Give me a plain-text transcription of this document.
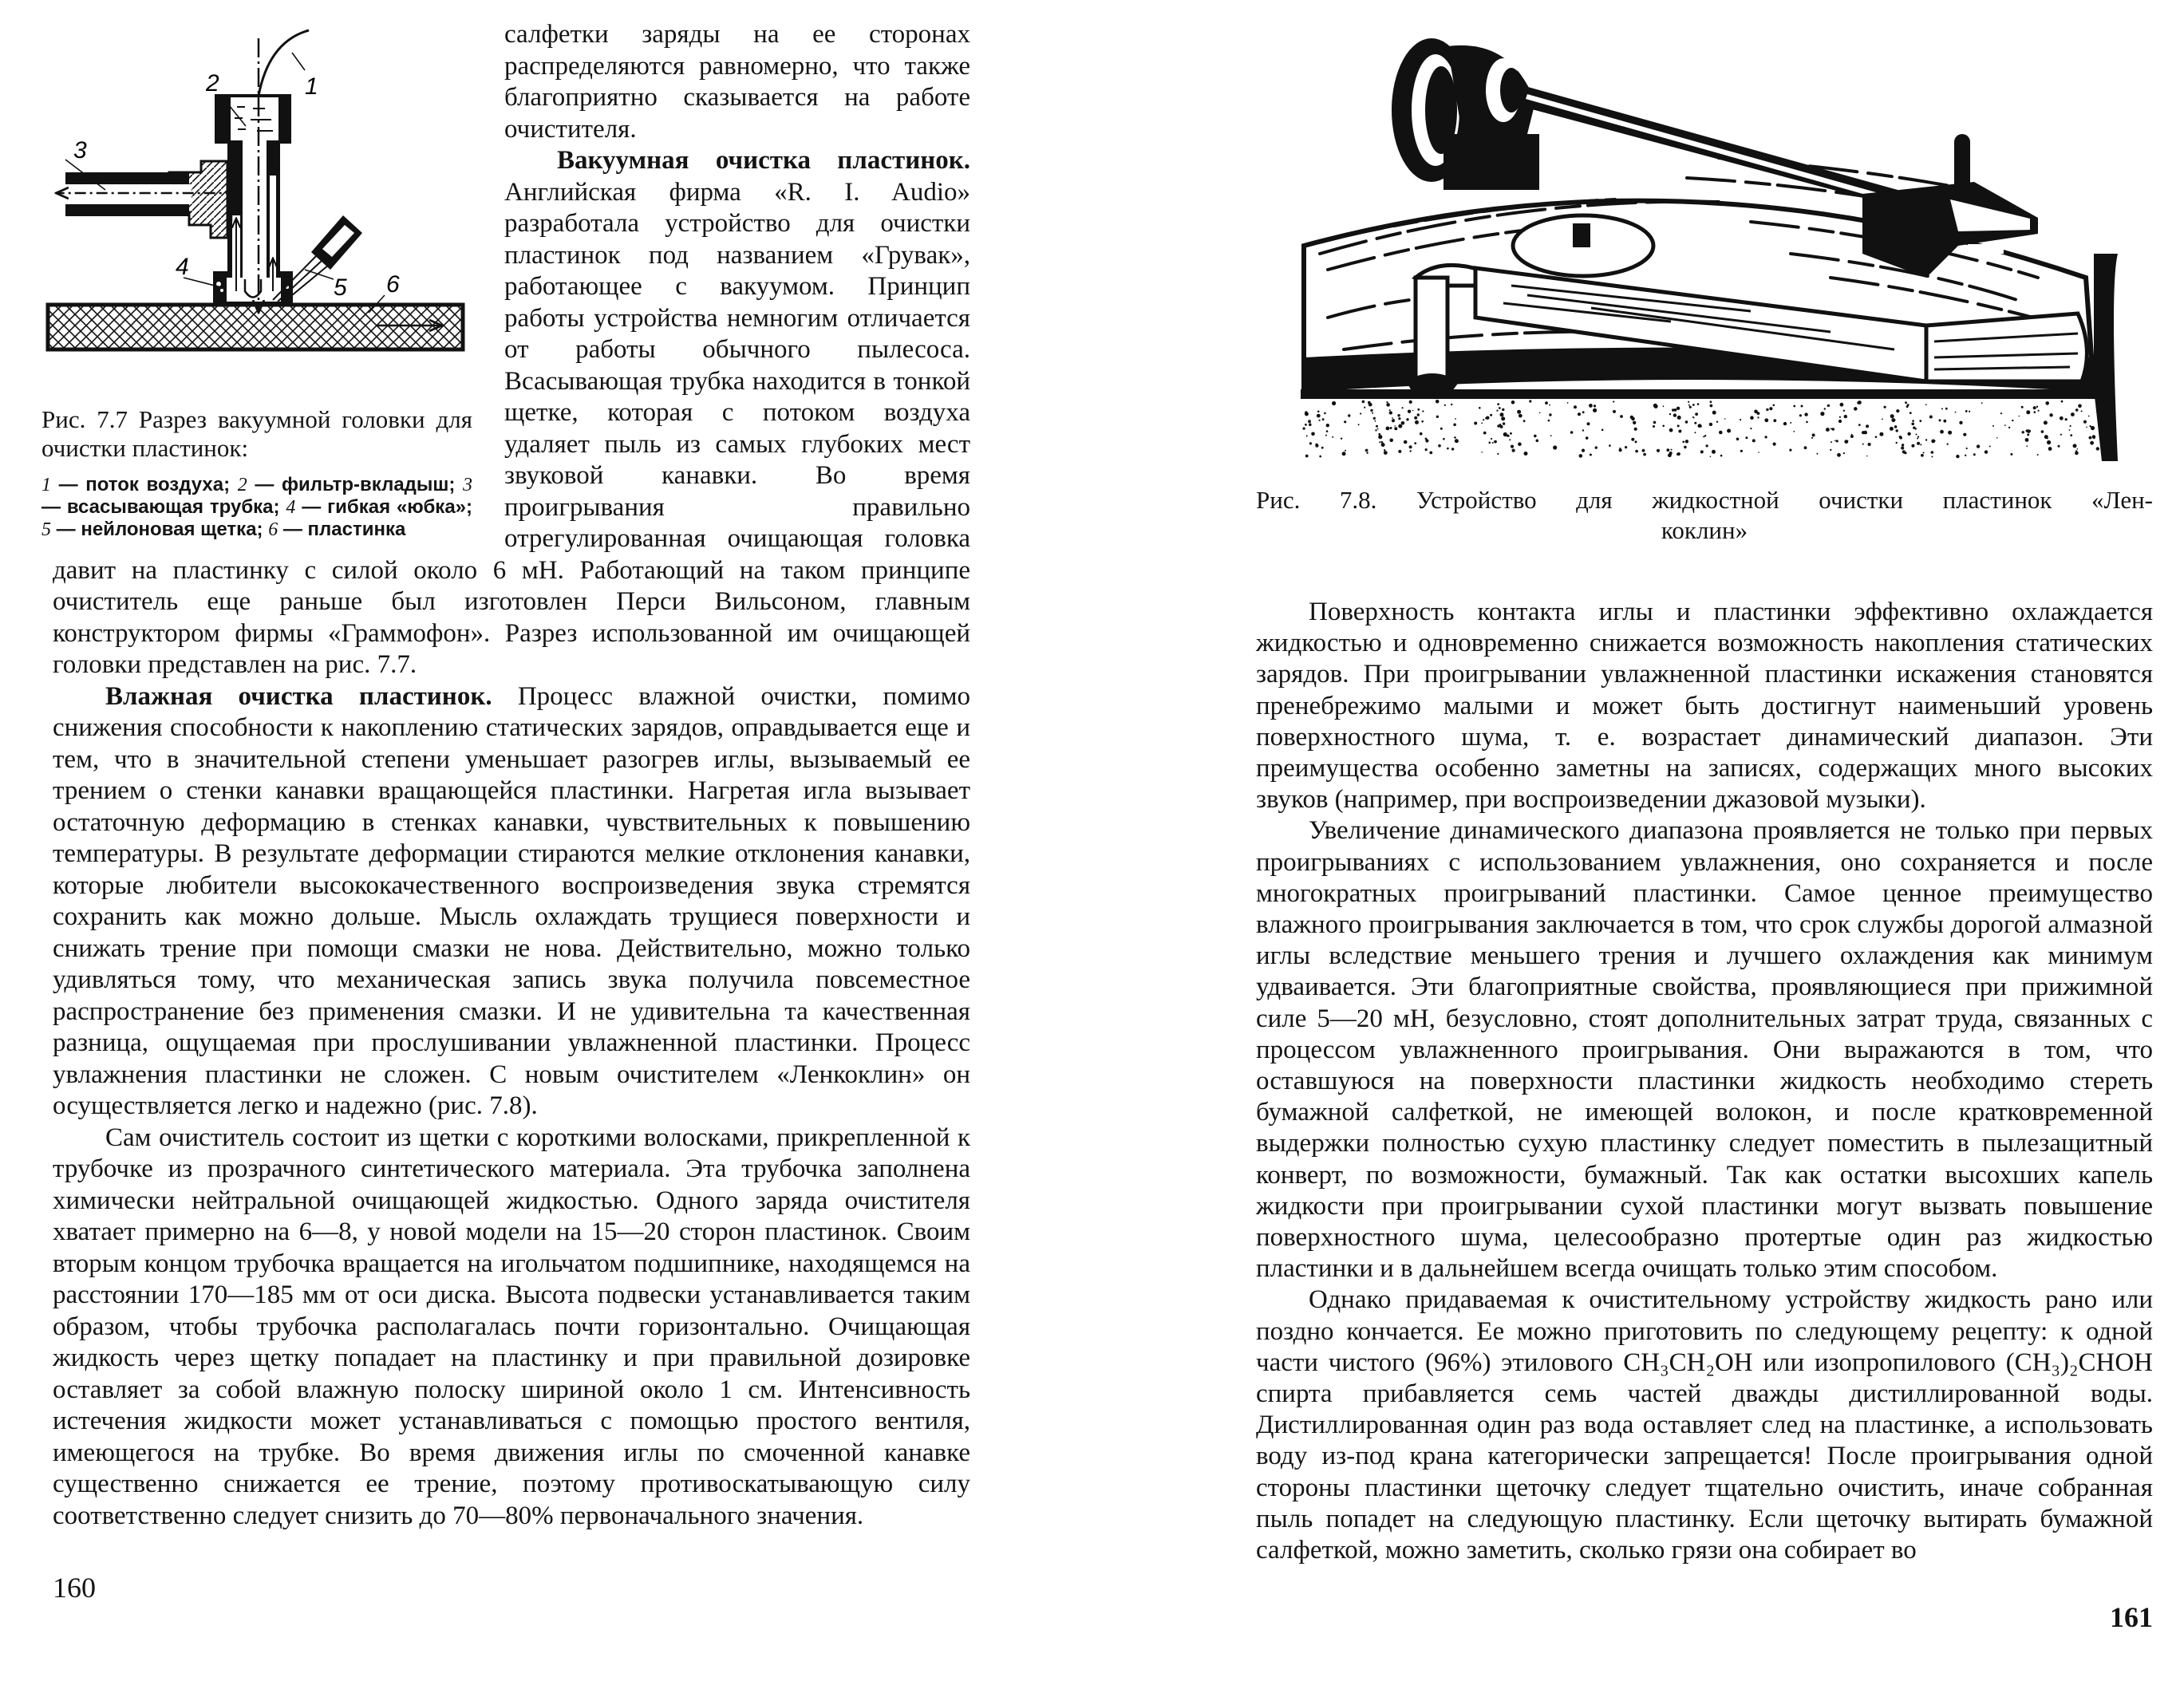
1
2
3
4
5 6
Рис. 7.7 Разрез вакуумной головки для очистки пластинок:
1 — поток воздуха; 2 — фильтр-вкладыш; 3 — всасывающая трубка; 4 — гибкая «юбка»; 5 — нейлоновая щетка; 6 — пластинка

салфетки заряды на ее сторонах распределяются равномерно, что также благоприятно сказывается на работе очистителя.

Вакуумная очистка пластинок. Английская фирма «R. I. Audio» разработала устройство для очистки пластинок под названием «Грувак», работающее с вакуумом. Принцип работы устройства немногим отличается от работы обычного пылесоса. Всасывающая трубка находится в тонкой щетке, которая с потоком воздуха удаляет пыль из самых глубоких мест звуковой канавки. Во время проигрывания правильно отрегулированная очищающая головка давит на пластинку с силой около 6 мН. Работающий на таком принципе очиститель еще раньше был изготовлен Перси Вильсоном, главным конструктором фирмы «Граммофон». Разрез использованной им очищающей головки представлен на рис. 7.7.

Влажная очистка пластинок. Процесс влажной очистки, помимо снижения способности к накоплению статических зарядов, оправдывается еще и тем, что в значительной степени уменьшает разогрев иглы, вызываемый ее трением о стенки канавки вращающейся пластинки. Нагретая игла вызывает остаточную деформацию в стенках канавки, чувствительных к повышению температуры. В результате деформации стираются мелкие отклонения канавки, которые любители высококачественного воспроизведения звука стремятся сохранить как можно дольше. Мысль охлаждать трущиеся поверхности и снижать трение при помощи смазки не нова. Действительно, можно только удивляться тому, что механическая запись звука получила повсеместное распространение без применения смазки. И не удивительна та качественная разница, ощущаемая при прослушивании увлажненной пластинки. Процесс увлажнения пластинки не сложен. С новым очистителем «Ленкоклин» он осуществляется легко и надежно (рис. 7.8).

Сам очиститель состоит из щетки с короткими волосками, прикрепленной к трубочке из прозрачного синтетического материала. Эта трубочка заполнена химически нейтральной очищающей жидкостью. Одного заряда очистителя хватает примерно на 6—8, у новой модели на 15—20 сторон пластинок. Своим вторым концом трубочка вращается на игольчатом подшипнике, находящемся на расстоянии 170—185 мм от оси диска. Высота подвески устанавливается таким образом, чтобы трубочка располагалась почти горизонтально. Очищающая жидкость через щетку попадает на пластинку и при правильной дозировке оставляет за собой влажную полоску шириной около 1 см. Интенсивность истечения жидкости может устанавливаться с помощью простого вентиля, имеющегося на трубке. Во время движения иглы по смоченной канавке существенно снижается ее трение, поэтому противоскатывающую силу соответственно следует снизить до 70—80% первоначального значения.

160
Рис. 7.8. Устройство для жидкостной очистки пластинок «Лен-
коклин»

Поверхность контакта иглы и пластинки эффективно охлаждается жидкостью и одновременно снижается возможность накопления статических зарядов. При проигрывании увлажненной пластинки искажения становятся пренебрежимо малыми и может быть достигнут наименьший уровень поверхностного шума, т. е. возрастает динамический диапазон. Эти преимущества особенно заметны на записях, содержащих много высоких звуков (например, при воспроизведении джазовой музыки).

Увеличение динамического диапазона проявляется не только при первых проигрываниях с использованием увлажнения, оно сохраняется и после многократных проигрываний пластинки. Самое ценное преимущество влажного проигрывания заключается в том, что срок службы дорогой алмазной иглы вследствие меньшего трения и лучшего охлаждения как минимум удваивается. Эти благоприятные свойства, проявляющиеся при прижимной силе 5—20 мН, безусловно, стоят дополнительных затрат труда, связанных с процессом увлажненного проигрывания. Они выражаются в том, что оставшуюся на поверхности пластинки жидкость необходимо стереть бумажной салфеткой, не имеющей волокон, и после кратковременной выдержки полностью сухую пластинку следует поместить в пылезащитный конверт, по возможности, бумажный. Так как остатки высохших капель жидкости при проигрывании сухой пластинки могут вызвать повышение поверхностного шума, целесообразно протертые один раз жидкостью пластинки и в дальнейшем всегда очищать только этим способом.

Однако придаваемая к очистительному устройству жидкость рано или поздно кончается. Ее можно приготовить по следующему рецепту: к одной части чистого (96%) этилового CH₃CH₂OH или изопропилового (CH₃)₂CHOH спирта прибавляется семь частей дважды дистиллированной воды. Дистиллированная один раз вода оставляет след на пластинке, а использовать воду из-под крана категорически запрещается! После проигрывания одной стороны пластинки щеточку следует тщательно очистить, иначе собранная пыль попадет на следующую пластинку. Если щеточку вытирать бумажной салфеткой, можно заметить, сколько грязи она собирает во

161
